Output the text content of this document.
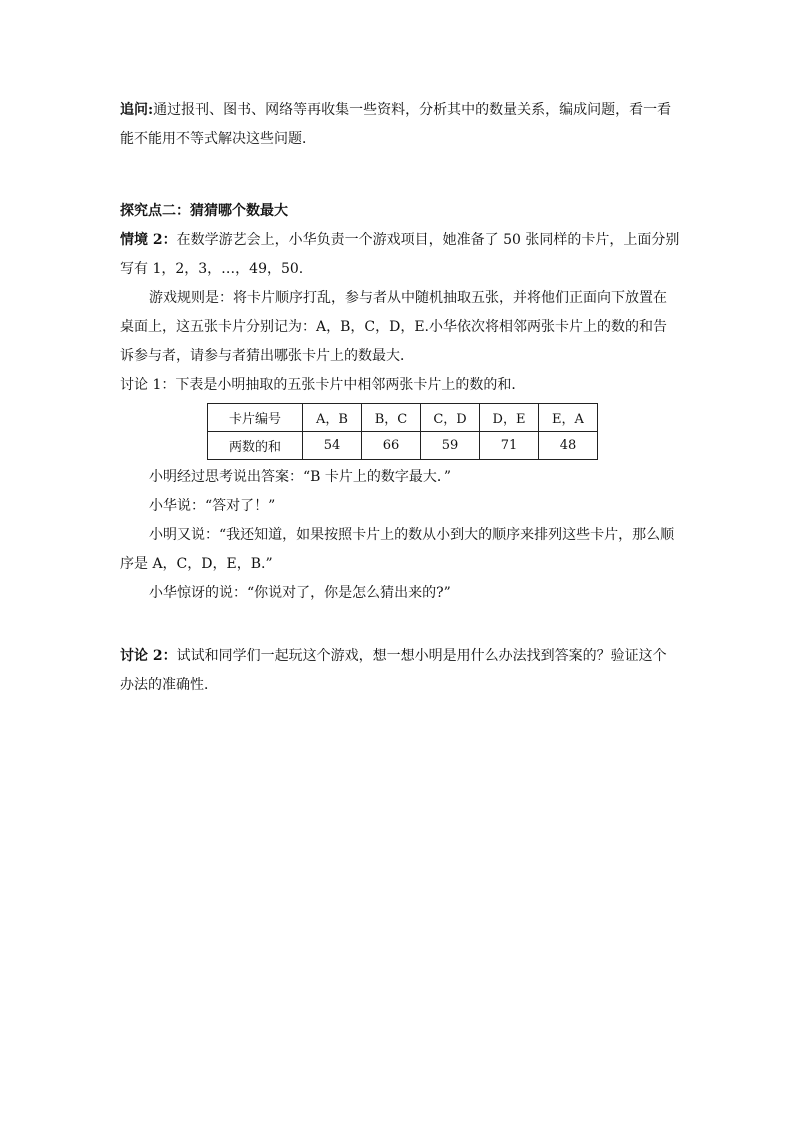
追问:通过报刊、图书、网络等再收集一些资料，分析其中的数量关系，编成问题，看一看能不能用不等式解决这些问题．

探究点二：猜猜哪个数最大

情境 2：在数学游艺会上，小华负责一个游戏项目，她准备了 50 张同样的卡片，上面分别写有 1，2，3，…，49，50.

游戏规则是：将卡片顺序打乱，参与者从中随机抽取五张，并将他们正面向下放置在桌面上，这五张卡片分别记为：A，B，C，D，E.小华依次将相邻两张卡片上的数的和告诉参与者，请参与者猜出哪张卡片上的数最大．

讨论 1：下表是小明抽取的五张卡片中相邻两张卡片上的数的和．

卡片编号	A，B	B，C	C，D	D，E	E，A
两数的和	54	66	59	71	48

小明经过思考说出答案：“B 卡片上的数字最大．”

小华说：“答对了！”

小明又说：“我还知道，如果按照卡片上的数从小到大的顺序来排列这些卡片，那么顺序是 A，C，D，E，B.”

小华惊讶的说：“你说对了，你是怎么猜出来的?”

讨论 2：试试和同学们一起玩这个游戏，想一想小明是用什么办法找到答案的？验证这个办法的准确性．
